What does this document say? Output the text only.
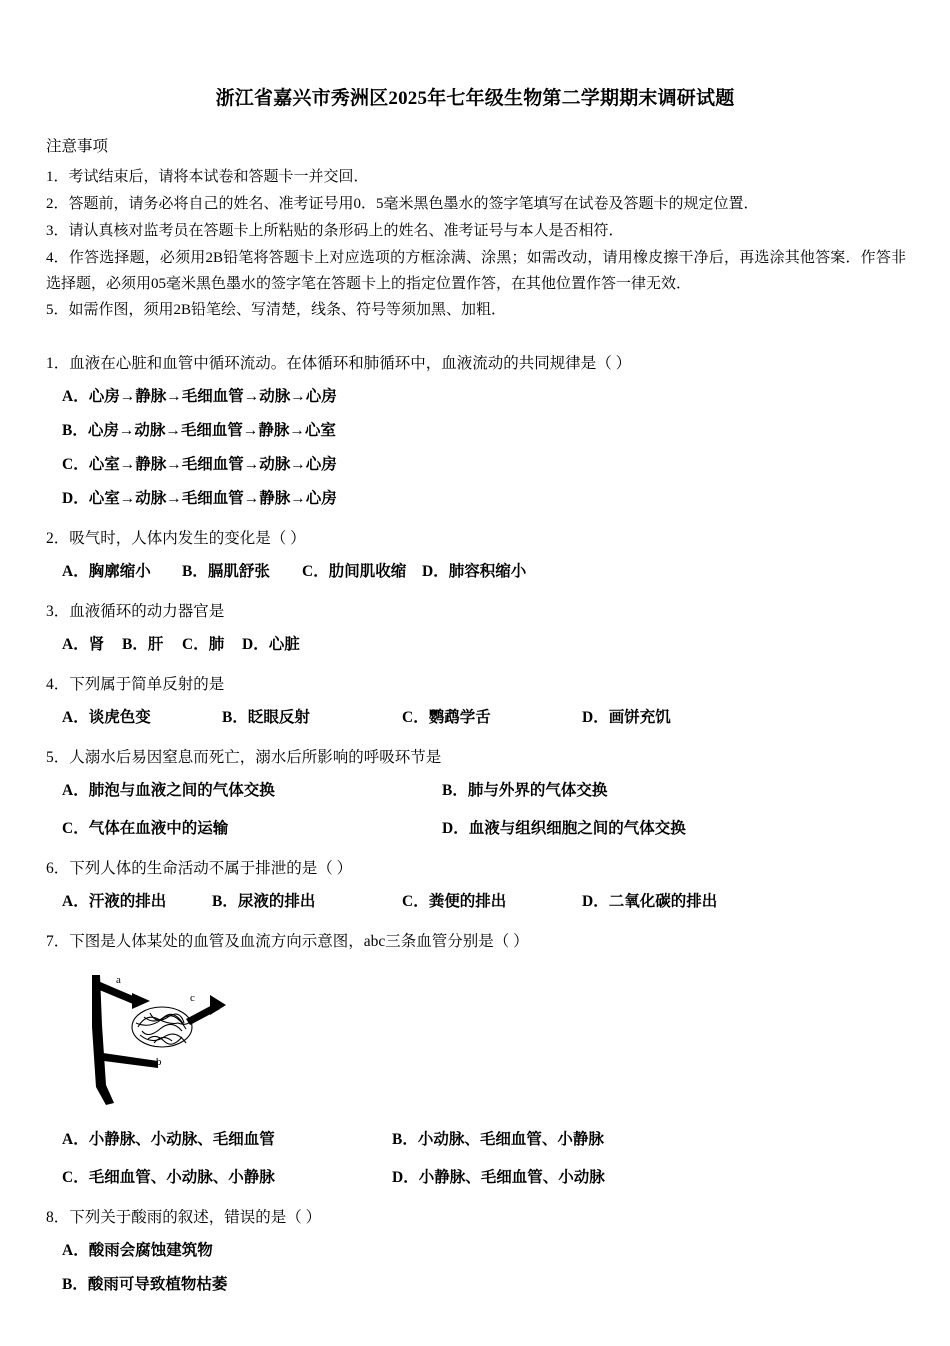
浙江省嘉兴市秀洲区2025年七年级生物第二学期期末调研试题
注意事项
1．考试结束后，请将本试卷和答题卡一并交回．
2．答题前，请务必将自己的姓名、准考证号用0．5毫米黑色墨水的签字笔填写在试卷及答题卡的规定位置．
3．请认真核对监考员在答题卡上所粘贴的条形码上的姓名、准考证号与本人是否相符．
4．作答选择题，必须用2B铅笔将答题卡上对应选项的方框涂满、涂黑；如需改动，请用橡皮擦干净后，再选涂其他答案．作答非选择题，必须用05毫米黑色墨水的签字笔在答题卡上的指定位置作答，在其他位置作答一律无效．
5．如需作图，须用2B铅笔绘、写清楚，线条、符号等须加黑、加粗．
1．血液在心脏和血管中循环流动。在体循环和肺循环中，血液流动的共同规律是（ ）
A．心房→静脉→毛细血管→动脉→心房
B．心房→动脉→毛细血管→静脉→心室
C．心室→静脉→毛细血管→动脉→心房
D．心室→动脉→毛细血管→静脉→心房
2．吸气时，人体内发生的变化是（ ）
A．胸廓缩小	B．膈肌舒张	C．肋间肌收缩	D．肺容积缩小
3．血液循环的动力器官是
A．肾	B．肝	C．肺	D．心脏
4．下列属于简单反射的是
A．谈虎色变	B．眨眼反射	C．鹦鹉学舌	D．画饼充饥
5．人溺水后易因窒息而死亡，溺水后所影响的呼吸环节是
A．肺泡与血液之间的气体交换	B．肺与外界的气体交换
C．气体在血液中的运输	D．血液与组织细胞之间的气体交换
6．下列人体的生命活动不属于排泄的是（ ）
A．汗液的排出	B．尿液的排出	C．粪便的排出	D．二氧化碳的排出
7．下图是人体某处的血管及血流方向示意图，abc三条血管分别是（ ）
a
b
c
A．小静脉、小动脉、毛细血管	B．小动脉、毛细血管、小静脉
C．毛细血管、小动脉、小静脉	D．小静脉、毛细血管、小动脉
8．下列关于酸雨的叙述，错误的是（ ）
A．酸雨会腐蚀建筑物
B．酸雨可导致植物枯萎
